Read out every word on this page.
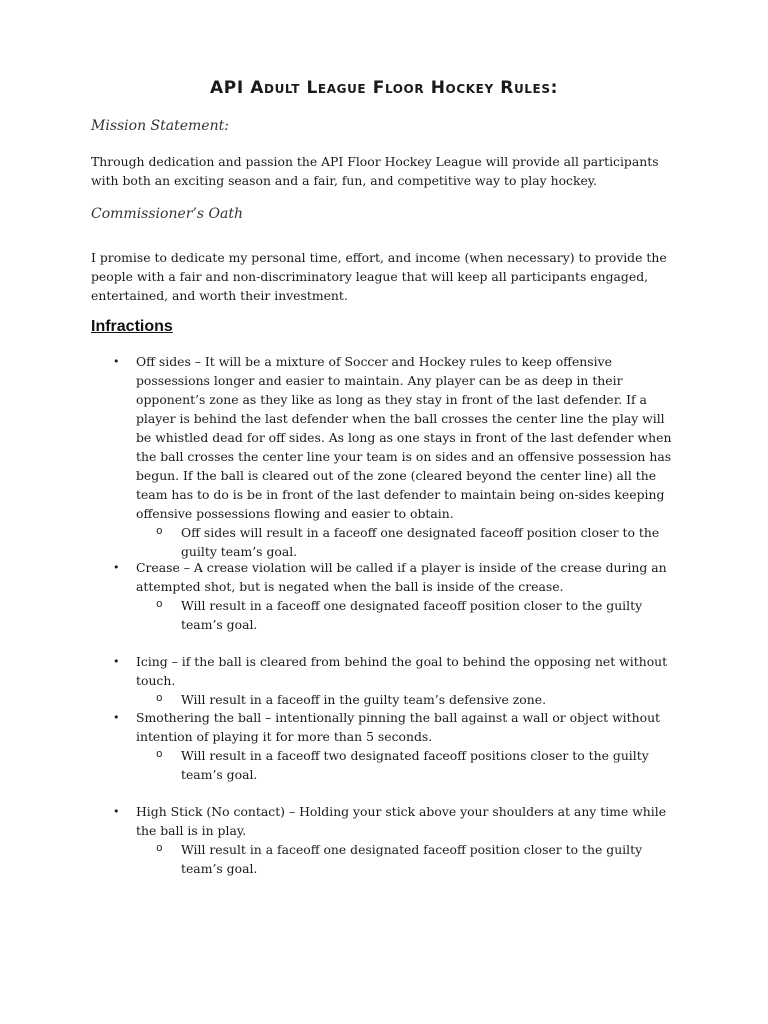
API Adult League Floor Hockey Rules:
Mission Statement:
Through dedication and passion the API Floor Hockey League will provide all participants with both an exciting season and a fair, fun, and competitive way to play hockey.
Commissioner’s Oath
I promise to dedicate my personal time, effort, and income (when necessary) to provide the people with a fair and non-discriminatory league that will keep all participants engaged, entertained, and worth their investment.
Infractions
• Off sides – It will be a mixture of Soccer and Hockey rules to keep offensive possessions longer and easier to maintain. Any player can be as deep in their opponent’s zone as they like as long as they stay in front of the last defender. If a player is behind the last defender when the ball crosses the center line the play will be whistled dead for off sides. As long as one stays in front of the last defender when the ball crosses the center line your team is on sides and an offensive possession has begun. If the ball is cleared out of the zone (cleared beyond the center line) all the team has to do is be in front of the last defender to maintain being on-sides keeping offensive possessions flowing and easier to obtain.
o Off sides will result in a faceoff one designated faceoff position closer to the guilty team’s goal.
• Crease – A crease violation will be called if a player is inside of the crease during an attempted shot, but is negated when the ball is inside of the crease.
o Will result in a faceoff one designated faceoff position closer to the guilty team’s goal.
• Icing – if the ball is cleared from behind the goal to behind the opposing net without touch.
o Will result in a faceoff in the guilty team’s defensive zone.
• Smothering the ball – intentionally pinning the ball against a wall or object without intention of playing it for more than 5 seconds.
o Will result in a faceoff two designated faceoff positions closer to the guilty team’s goal.
• High Stick (No contact) – Holding your stick above your shoulders at any time while the ball is in play.
o Will result in a faceoff one designated faceoff position closer to the guilty team’s goal.
